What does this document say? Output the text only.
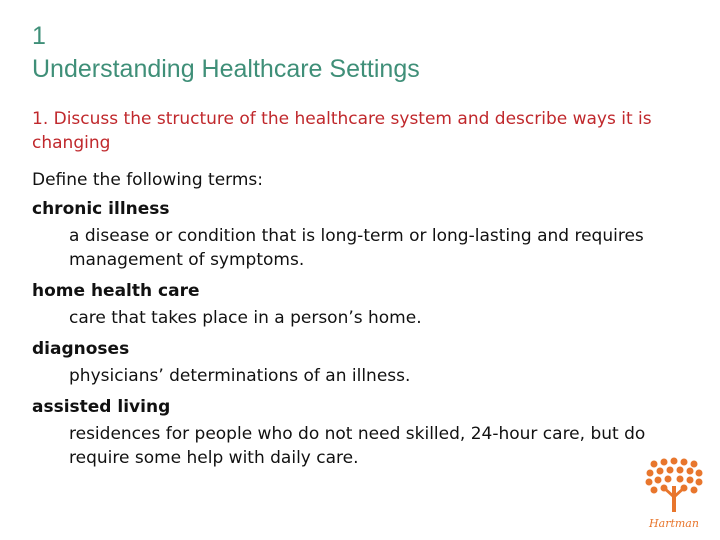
1
Understanding Healthcare Settings
1. Discuss the structure of the healthcare system and describe ways it is changing
Define the following terms:
chronic illness
a disease or condition that is long-term or long-lasting and requires management of symptoms.
home health care
care that takes place in a person’s home.
diagnoses
physicians’ determinations of an illness.
assisted living
residences for people who do not need skilled, 24-hour care, but do require some help with daily care.
Hartman
